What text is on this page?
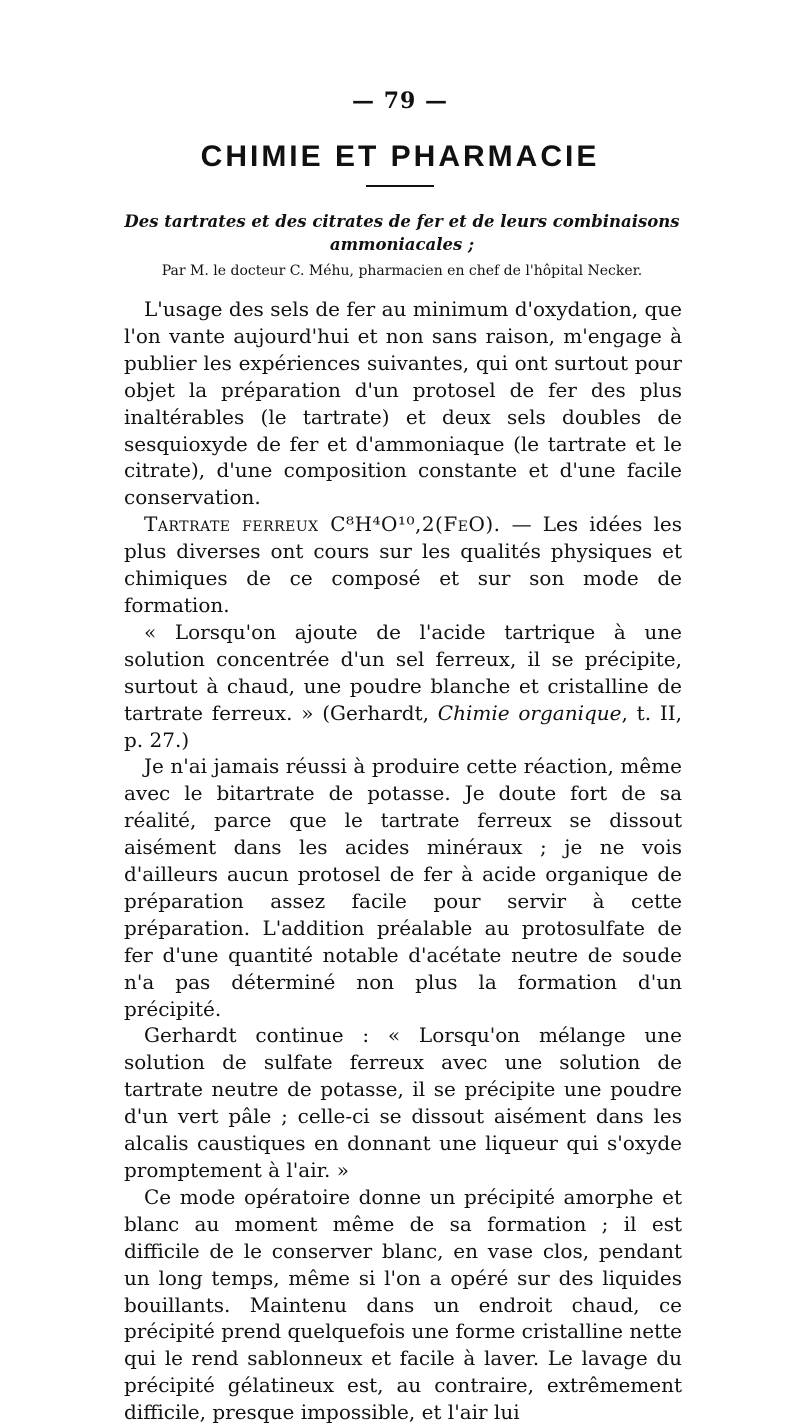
— 79 —
CHIMIE ET PHARMACIE
Des tartrates et des citrates de fer et de leurs combinaisons ammoniacales ;
Par M. le docteur C. Méhu, pharmacien en chef de l'hôpital Necker.

L'usage des sels de fer au minimum d'oxydation, que l'on vante aujourd'hui et non sans raison, m'engage à publier les expériences suivantes, qui ont surtout pour objet la préparation d'un protosel de fer des plus inaltérables (le tartrate) et deux sels doubles de sesquioxyde de fer et d'ammoniaque (le tartrate et le citrate), d'une composition constante et d'une facile conservation.

Tartrate ferreux C⁸H⁴O¹⁰,2(FeO). — Les idées les plus diverses ont cours sur les qualités physiques et chimiques de ce composé et sur son mode de formation.

« Lorsqu'on ajoute de l'acide tartrique à une solution concentrée d'un sel ferreux, il se précipite, surtout à chaud, une poudre blanche et cristalline de tartrate ferreux. » (Gerhardt, Chimie organique, t. II, p. 27.)

Je n'ai jamais réussi à produire cette réaction, même avec le bitartrate de potasse. Je doute fort de sa réalité, parce que le tartrate ferreux se dissout aisément dans les acides minéraux ; je ne vois d'ailleurs aucun protosel de fer à acide organique de préparation assez facile pour servir à cette préparation. L'addition préalable au protosulfate de fer d'une quantité notable d'acétate neutre de soude n'a pas déterminé non plus la formation d'un précipité.

Gerhardt continue : « Lorsqu'on mélange une solution de sulfate ferreux avec une solution de tartrate neutre de potasse, il se précipite une poudre d'un vert pâle ; celle-ci se dissout aisément dans les alcalis caustiques en donnant une liqueur qui s'oxyde promptement à l'air. »

Ce mode opératoire donne un précipité amorphe et blanc au moment même de sa formation ; il est difficile de le conserver blanc, en vase clos, pendant un long temps, même si l'on a opéré sur des liquides bouillants. Maintenu dans un endroit chaud, ce précipité prend quelquefois une forme cristalline nette qui le rend sablonneux et facile à laver. Le lavage du précipité gélatineux est, au contraire, extrêmement difficile, presque impossible, et l'air lui
